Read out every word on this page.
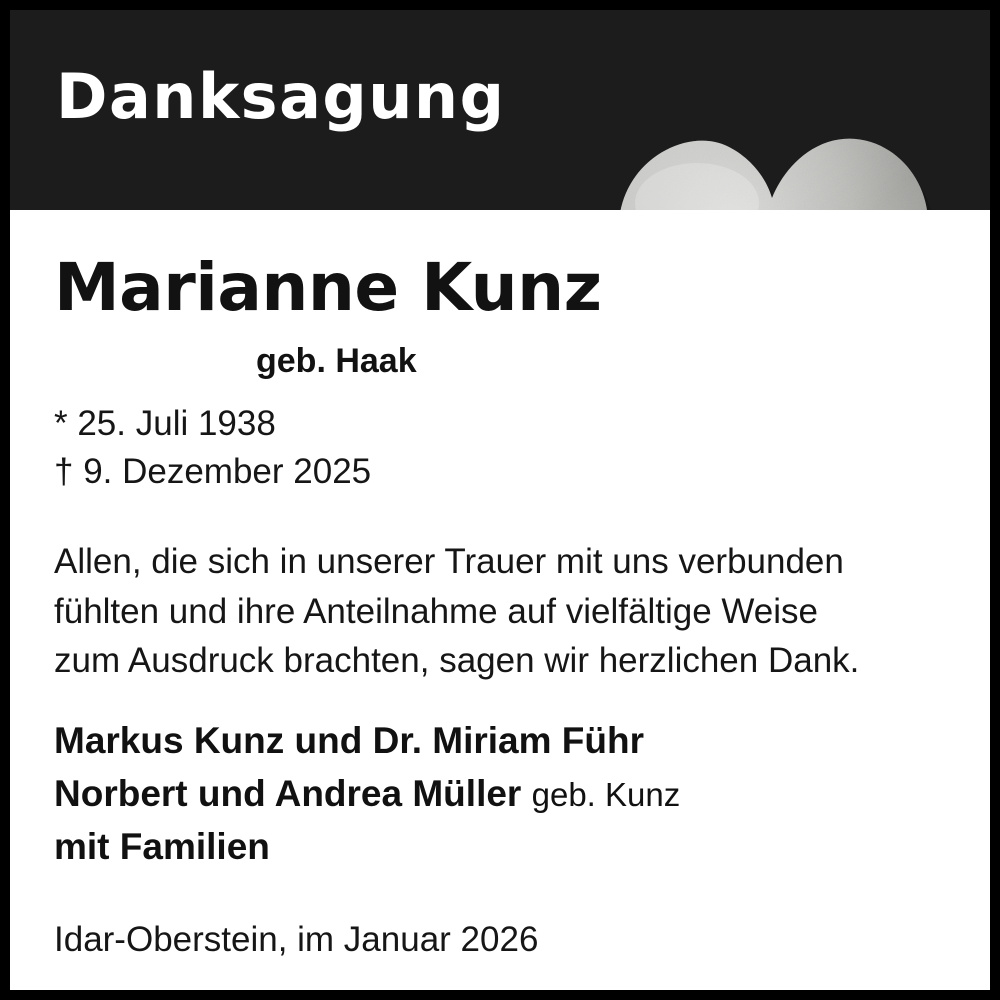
Danksagung
Marianne Kunz
geb. Haak
* 25. Juli 1938
† 9. Dezember 2025
Allen, die sich in unserer Trauer mit uns verbunden
fühlten und ihre Anteilnahme auf vielfältige Weise
zum Ausdruck brachten, sagen wir herzlichen Dank.
Markus Kunz und Dr. Miriam Führ
Norbert und Andrea Müller geb. Kunz
mit Familien
Idar-Oberstein, im Januar 2026
